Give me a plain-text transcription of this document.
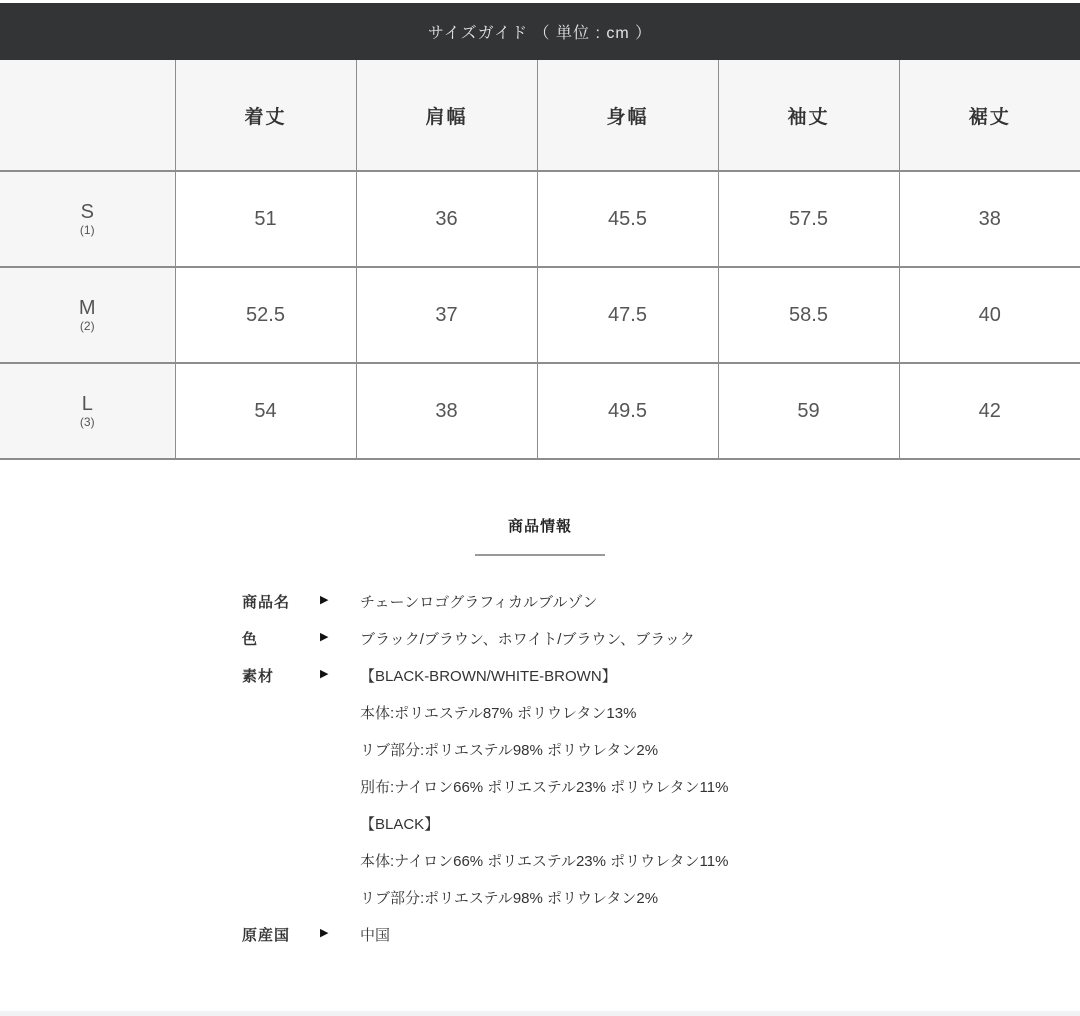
サイズガイド （ 単位 : cm ）
	着丈	肩幅	身幅	袖丈	裾丈

S
(1)	51	36	45.5	57.5	38

M
(2)	52.5	37	47.5	58.5	40

L
(3)	54	38	49.5	59	42
商品情報
商品名	▶	チェーンロゴグラフィカルブルゾン
色	▶	ブラック/ブラウン、ホワイト/ブラウン、ブラック
素材	▶	【BLACK-BROWN/WHITE-BROWN】
本体:ポリエステル87% ポリウレタン13%
リブ部分:ポリエステル98% ポリウレタン2%
別布:ナイロン66% ポリエステル23% ポリウレタン11%
【BLACK】
本体:ナイロン66% ポリエステル23% ポリウレタン11%
リブ部分:ポリエステル98% ポリウレタン2%
原産国	▶	中国
